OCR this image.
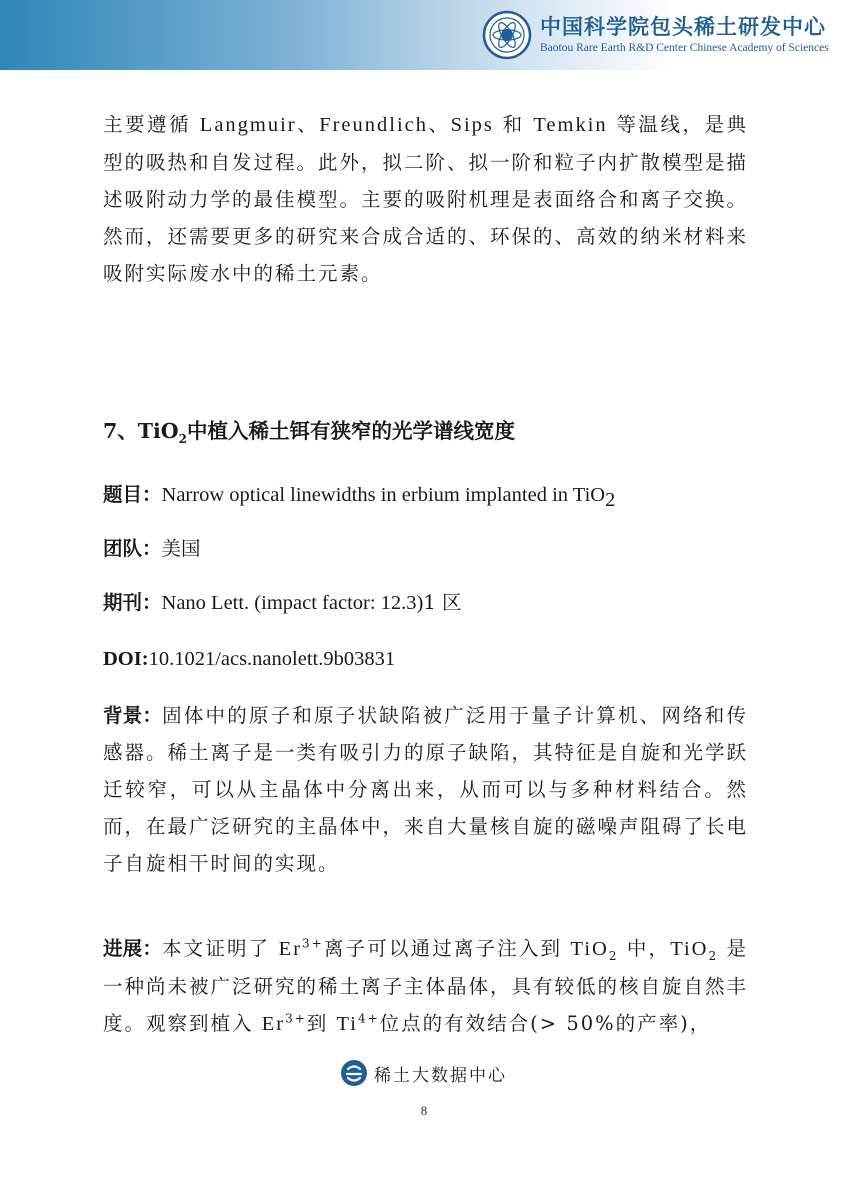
中国科学院包头稀土研发中心
Baotou Rare Earth R&D Center Chinese Academy of Sciences

主要遵循 Langmuir、Freundlich、Sips 和 Temkin 等温线，是典型的吸热和自发过程。此外，拟二阶、拟一阶和粒子内扩散模型是描述吸附动力学的最佳模型。主要的吸附机理是表面络合和离子交换。然而，还需要更多的研究来合成合适的、环保的、高效的纳米材料来吸附实际废水中的稀土元素。

7、TiO$_2$中植入稀土铒有狭窄的光学谱线宽度
题目：Narrow optical linewidths in erbium implanted in TiO$_2$
团队：美国
期刊：Nano Lett. (impact factor: 12.3)1 区
DOI:10.1021/acs.nanolett.9b03831

背景：固体中的原子和原子状缺陷被广泛用于量子计算机、网络和传感器。稀土离子是一类有吸引力的原子缺陷，其特征是自旋和光学跃迁较窄，可以从主晶体中分离出来，从而可以与多种材料结合。然而，在最广泛研究的主晶体中，来自大量核自旋的磁噪声阻碍了长电子自旋相干时间的实现。

进展：本文证明了 $Er^{3+}$离子可以通过离子注入到 TiO$_2$ 中，TiO$_2$ 是一种尚未被广泛研究的稀土离子主体晶体，具有较低的核自旋自然丰度。观察到植入 $Er^{3+}$到 $Ti^{4+}$位点的有效结合(> 50%的产率)，

稀土大数据中心
8
